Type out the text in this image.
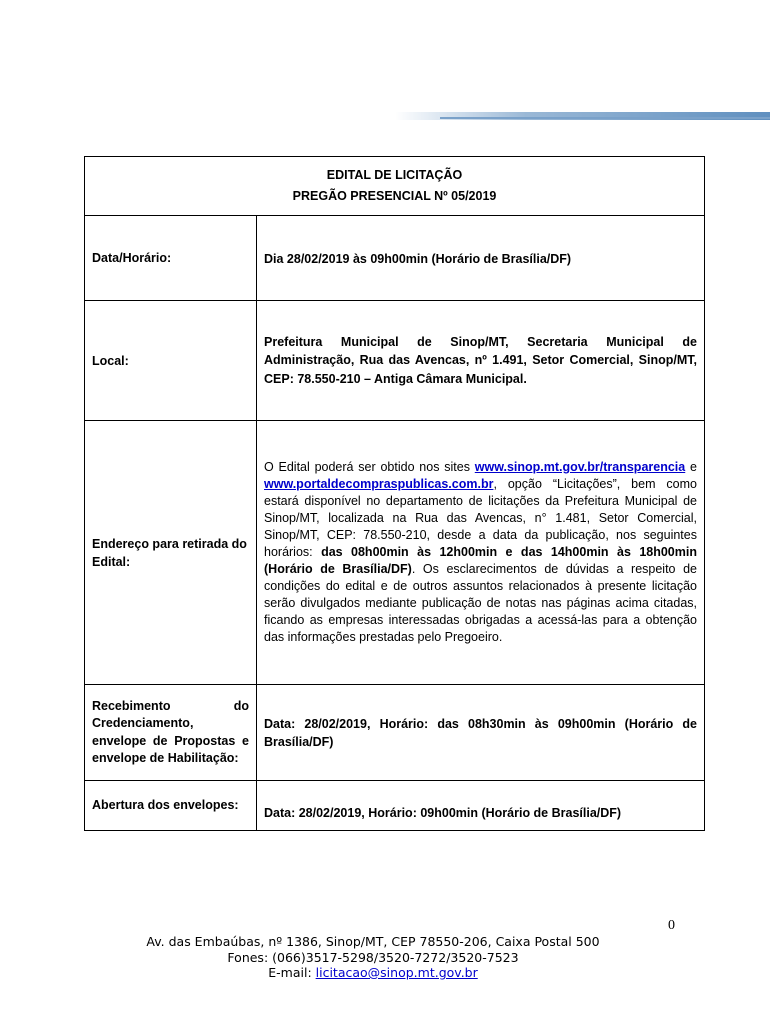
EDITAL DE LICITAÇÃO
PREGÃO PRESENCIAL Nº 05/2019	

Data/Horário:	Dia 28/02/2019 às 09h00min (Horário de Brasília/DF)
Local:	Prefeitura Municipal de Sinop/MT, Secretaria Municipal de Administração, Rua das Avencas, nº 1.491, Setor Comercial, Sinop/MT, CEP: 78.550-210 – Antiga Câmara Municipal.
Endereço para retirada do Edital:	O Edital poderá ser obtido nos sites www.sinop.mt.gov.br/transparencia e www.portaldecompraspublicas.com.br, opção “Licitações”, bem como estará disponível no departamento de licitações da Prefeitura Municipal de Sinop/MT, localizada na Rua das Avencas, n° 1.481, Setor Comercial, Sinop/MT, CEP: 78.550-210, desde a data da publicação, nos seguintes horários: das 08h00min às 12h00min e das 14h00min às 18h00min (Horário de Brasília/DF). Os esclarecimentos de dúvidas a respeito de condições do edital e de outros assuntos relacionados à presente licitação serão divulgados mediante publicação de notas nas páginas acima citadas, ficando as empresas interessadas obrigadas a acessá-las para a obtenção das informações prestadas pelo Pregoeiro.
Recebimento do Credenciamento, envelope de Propostas e envelope de Habilitação:	Data: 28/02/2019, Horário: das 08h30min às 09h00min (Horário de Brasília/DF)
Abertura dos envelopes:	Data: 28/02/2019, Horário: 09h00min (Horário de Brasília/DF)
0
Av. das Embaúbas, nº 1386, Sinop/MT, CEP 78550-206, Caixa Postal 500
Fones: (066)3517-5298/3520-7272/3520-7523
E-mail: licitacao@sinop.mt.gov.br
